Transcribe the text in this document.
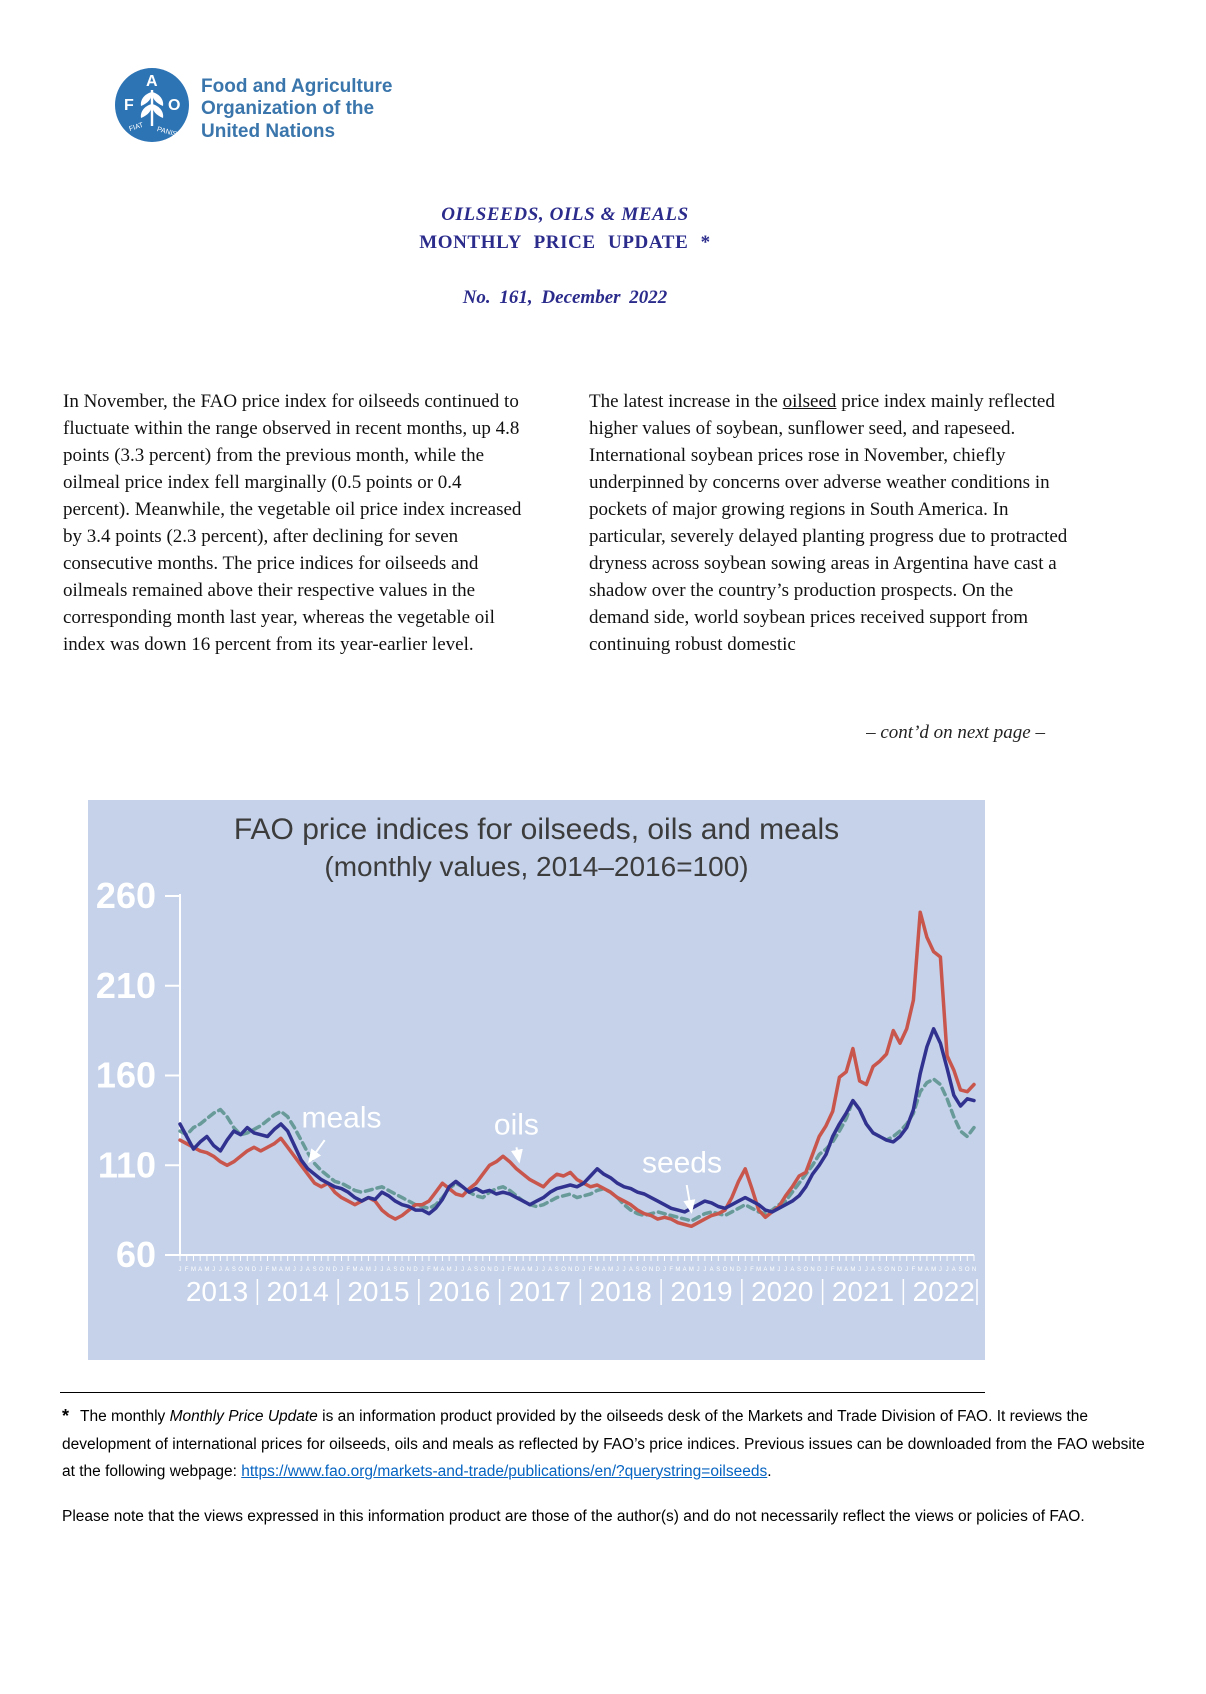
F
A
O
FIAT PANIS
Food and Agriculture
Organization of the
United Nations
OILSEEDS, OILS & MEALS
MONTHLY PRICE UPDATE *
No. 161, December 2022
In November, the FAO price index for oilseeds continued to fluctuate within the range observed in recent months, up 4.8 points (3.3 percent) from the previous month, while the oilmeal price index fell marginally (0.5 points or 0.4 percent). Meanwhile, the vegetable oil price index increased by 3.4 points (2.3 percent), after declining for seven consecutive months. The price indices for oilseeds and oilmeals remained above their respective values in the corresponding month last year, whereas the vegetable oil index was down 16 percent from its year-earlier level.
The latest increase in the oilseed price index mainly reflected higher values of soybean, sunflower seed, and rapeseed. International soybean prices rose in November, chiefly underpinned by concerns over adverse weather conditions in pockets of major growing regions in South America. In particular, severely delayed planting progress due to protracted dryness across soybean sowing areas in Argentina have cast a shadow over the country’s production prospects. On the demand side, world soybean prices received support from continuing robust domestic
– cont’d on next page –
FAO price indices for oilseeds, oils and meals
(monthly values, 2014–2016=100)
60
110
160
210
260
J F M A M J J A S O N D J F M A M J J A S O N D J F M A M J J A S O N D J F M A M J J A S O N D J F M A M J J A S O N D J F M A M J J A S O N D J F M A M J J A S O N D J F M A M J J A S O N D J F M A M J J A S O N D J F M A M J J A S O N
2013 2014 2015 2016 2017 2018 2019 2020 2021 2022
meals	oils
seeds
* The monthly Monthly Price Update is an information product provided by the oilseeds desk of the Markets and Trade Division of FAO. It reviews the development of international prices for oilseeds, oils and meals as reflected by FAO’s price indices. Previous issues can be downloaded from the FAO website at the following webpage: https://www.fao.org/markets-and-trade/publications/en/?querystring=oilseeds.
Please note that the views expressed in this information product are those of the author(s) and do not necessarily reflect the views or policies of FAO.
